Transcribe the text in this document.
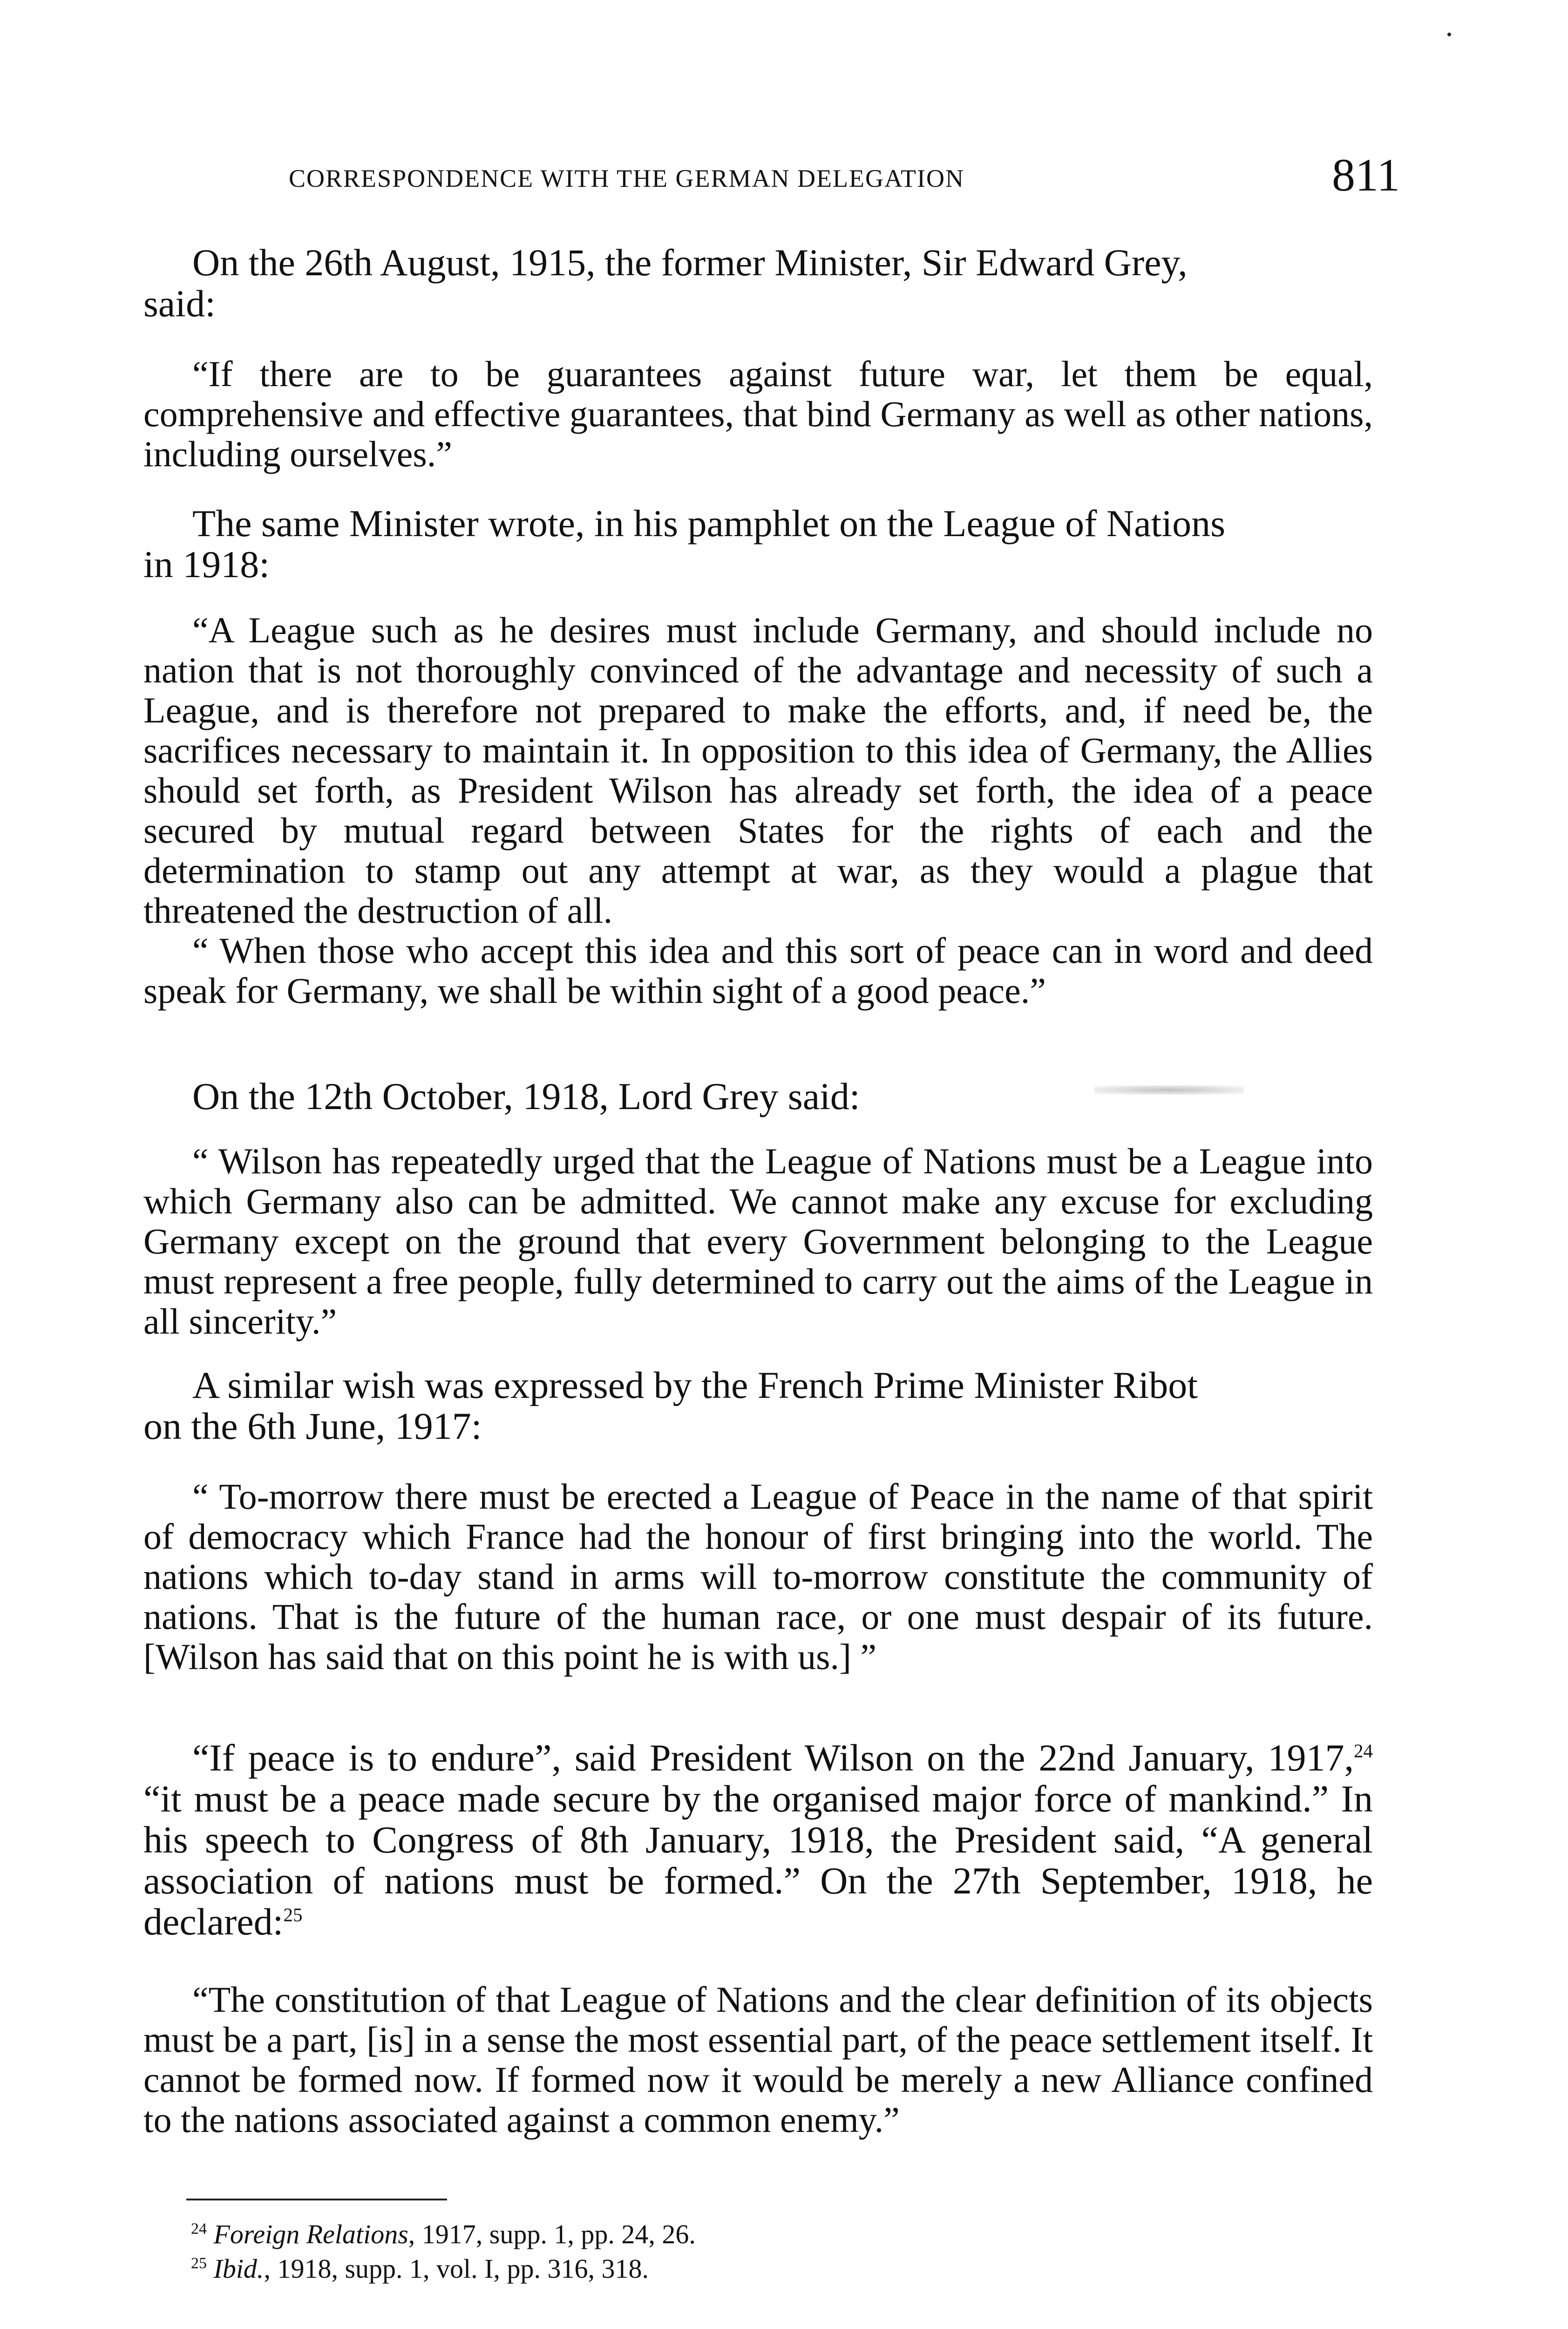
CORRESPONDENCE WITH THE GERMAN DELEGATION	811

On the 26th August, 1915, the former Minister, Sir Edward Grey,

said:

“If there are to be guarantees against future war, let them be equal, comprehensive and effective guarantees, that bind Germany as well as other nations, including ourselves.”

The same Minister wrote, in his pamphlet on the League of Nations

in 1918:

“A League such as he desires must include Germany, and should include no nation that is not thoroughly convinced of the advantage and necessity of such a League, and is therefore not prepared to make the efforts, and, if need be, the sacrifices necessary to maintain it. In opposition to this idea of Germany, the Allies should set forth, as President Wilson has already set forth, the idea of a peace secured by mutual regard between States for the rights of each and the determination to stamp out any attempt at war, as they would a plague that threatened the destruction of all.

“ When those who accept this idea and this sort of peace can in word and deed speak for Germany, we shall be within sight of a good peace.”

On the 12th October, 1918, Lord Grey said:

“ Wilson has repeatedly urged that the League of Nations must be a League into which Germany also can be admitted. We cannot make any excuse for excluding Germany except on the ground that every Government belonging to the League must represent a free people, fully determined to carry out the aims of the League in all sincerity.”

A similar wish was expressed by the French Prime Minister Ribot

on the 6th June, 1917:

“ To-morrow there must be erected a League of Peace in the name of that spirit of democracy which France had the honour of first bringing into the world. The nations which to-day stand in arms will to-morrow constitute the community of nations. That is the future of the human race, or one must despair of its future. [Wilson has said that on this point he is with us.] ”

“If peace is to endure”, said President Wilson on the 22nd January, 1917,24 “it must be a peace made secure by the organised major force of mankind.” In his speech to Congress of 8th January, 1918, the President said, “A general association of nations must be formed.” On the 27th September, 1918, he declared:$^{25}$

“The constitution of that League of Nations and the clear definition of its objects must be a part, [is] in a sense the most essential part, of the peace settlement itself. It cannot be formed now. If formed now it would be merely a new Alliance confined to the nations associated against a common enemy.”

$^{24}$ Foreign Relations, 1917, supp. 1, pp. 24, 26.
$^{25}$ Ibid., 1918, supp. 1, vol. I, pp. 316, 318.
